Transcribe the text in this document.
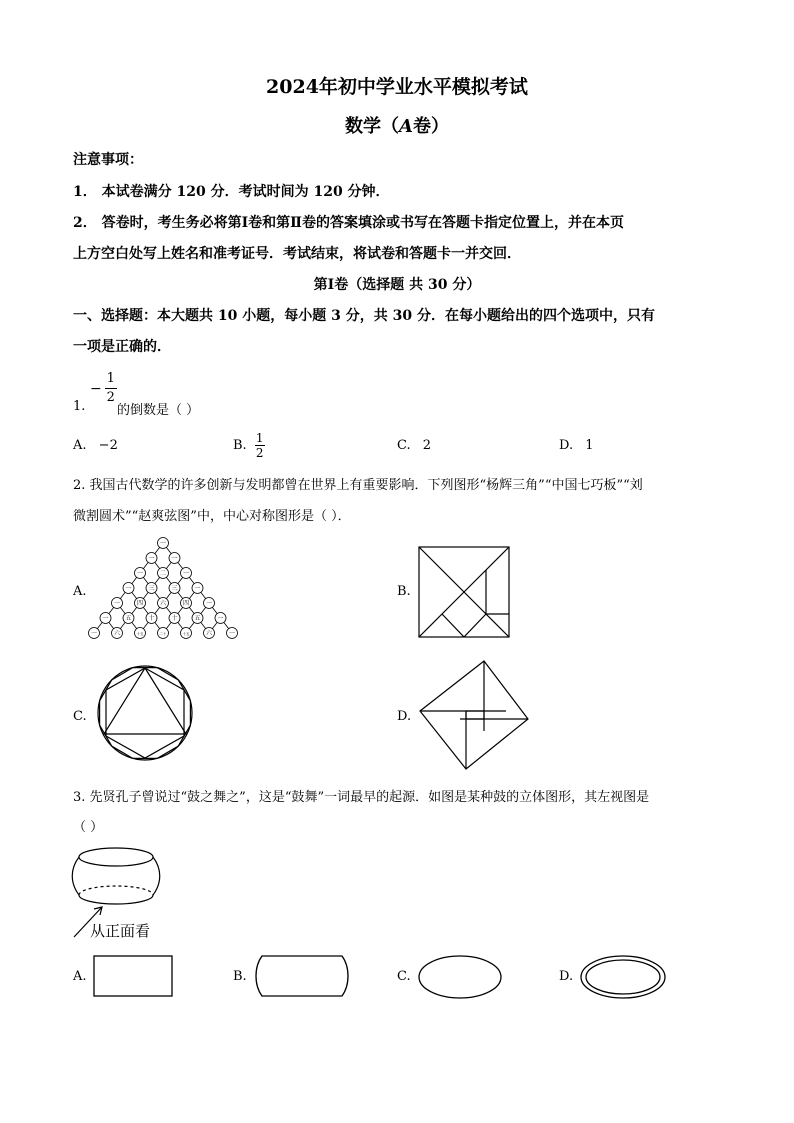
2024年初中学业水平模拟考试
数学（A卷）
注意事项：
1． 本试卷满分 120 分．考试时间为 120 分钟．
2． 答卷时，考生务必将第Ⅰ卷和第Ⅱ卷的答案填涂或书写在答题卡指定位置上，并在本页
上方空白处写上姓名和准考证号．考试结束，将试卷和答题卡一并交回．
第Ⅰ卷（选择题 共 30 分）
一、选择题：本大题共 10 小题，每小题 3 分，共 30 分．在每小题给出的四个选项中，只有
一项是正确的．
1.
− $\frac{1}{2}$
的倒数是（ ）
A. −2	B. $\frac{1}{2}$	C. 2	D. 1
2. 我国古代数学的许多创新与发明都曾在世界上有重要影响．下列图形“杨辉三角”“中国七巧板”“刘
微割圆术”“赵爽弦图”中，中心对称图形是（ ）．
A.
一
一	一
一	二	一
一	三	三	一
一	四	六	四	一
一	五	十	十	五	一
一	六	十五	二十	十五	六	一
B.
C.	D.
3. 先贤孔子曾说过“鼓之舞之”，这是“鼓舞”一词最早的起源．如图是某种鼓的立体图形，其左视图是
（ ）
从正面看
A.	B.	C.	D.
